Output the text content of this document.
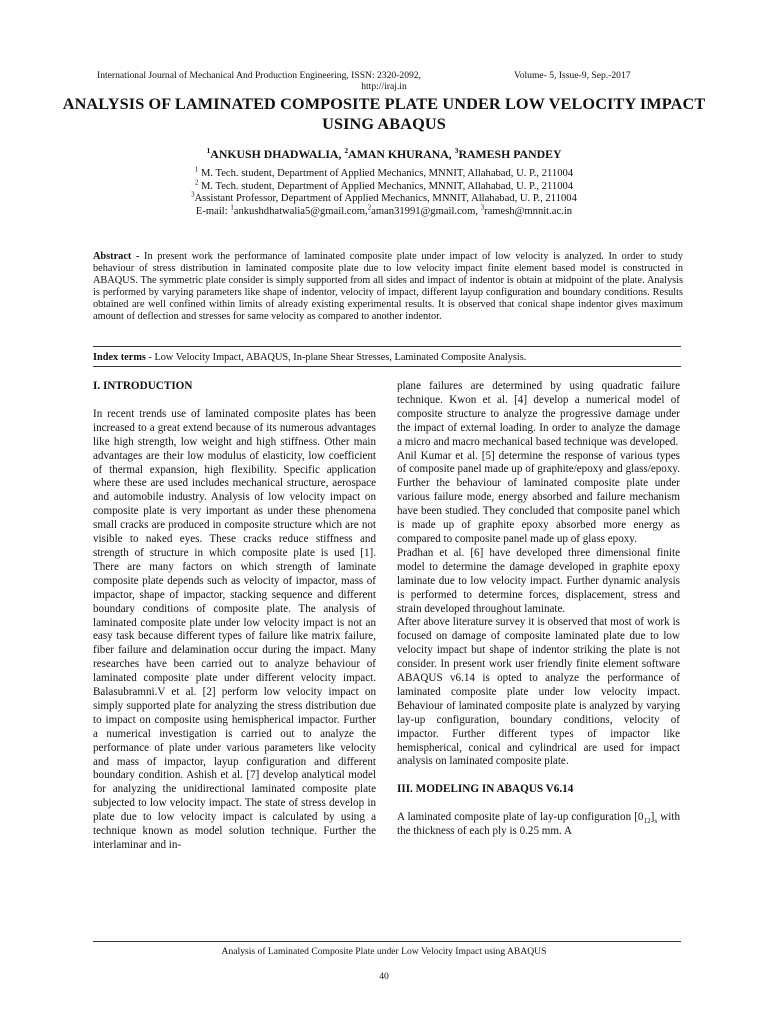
International Journal of Mechanical And Production Engineering, ISSN: 2320-2092,	Volume- 5, Issue-9, Sep.-2017
http://iraj.in
ANALYSIS OF LAMINATED COMPOSITE PLATE UNDER LOW VELOCITY IMPACT USING ABAQUS
$^1$ANKUSH DHADWALIA, $^2$AMAN KHURANA, $^3$RAMESH PANDEY
$^1$ M. Tech. student, Department of Applied Mechanics, MNNIT, Allahabad, U. P., 211004
$^2$ M. Tech. student, Department of Applied Mechanics, MNNIT, Allahabad, U. P., 211004
$^3$Assistant Professor, Department of Applied Mechanics, MNNIT, Allahabad, U. P., 211004
E-mail: $^1$ankushdhatwalia5@gmail.com,$^2$aman31991@gmail.com, $^3$ramesh@mnnit.ac.in
Abstract - In present work the performance of laminated composite plate under impact of low velocity is analyzed. In order to study behaviour of stress distribution in laminated composite plate due to low velocity impact finite element based model is constructed in ABAQUS. The symmetric plate consider is simply supported from all sides and impact of indentor is obtain at midpoint of the plate. Analysis is performed by varying parameters like shape of indentor, velocity of impact, different layup configuration and boundary conditions. Results obtained are well confined within limits of already existing experimental results. It is observed that conical shape indentor gives maximum amount of deflection and stresses for same velocity as compared to another indentor.
Index terms - Low Velocity Impact, ABAQUS, In-plane Shear Stresses, Laminated Composite Analysis.

I. INTRODUCTION

In recent trends use of laminated composite plates has been increased to a great extend because of its numerous advantages like high strength, low weight and high stiffness. Other main advantages are their low modulus of elasticity, low coefficient of thermal expansion, high flexibility. Specific application where these are used includes mechanical structure, aerospace and automobile industry. Analysis of low velocity impact on composite plate is very important as under these phenomena small cracks are produced in composite structure which are not visible to naked eyes. These cracks reduce stiffness and strength of structure in which composite plate is used [1]. There are many factors on which strength of laminate composite plate depends such as velocity of impactor, mass of impactor, shape of impactor, stacking sequence and different boundary conditions of composite plate. The analysis of laminated composite plate under low velocity impact is not an easy task because different types of failure like matrix failure, fiber failure and delamination occur during the impact. Many researches have been carried out to analyze behaviour of laminated composite plate under different velocity impact. Balasubramni.V et al. [2] perform low velocity impact on simply supported plate for analyzing the stress distribution due to impact on composite using hemispherical impactor. Further a numerical investigation is carried out to analyze the performance of plate under various parameters like velocity and mass of impactor, layup configuration and different boundary condition. Ashish et al. [7] develop analytical model for analyzing the unidirectional laminated composite plate subjected to low velocity impact. The state of stress develop in plate due to low velocity impact is calculated by using a technique known as model solution technique. Further the interlaminar and in-

plane failures are determined by using quadratic failure technique. Kwon et al. [4] develop a numerical model of composite structure to analyze the progressive damage under the impact of external loading. In order to analyze the damage a micro and macro mechanical based technique was developed.

Anil Kumar et al. [5] determine the response of various types of composite panel made up of graphite/epoxy and glass/epoxy. Further the behaviour of laminated composite plate under various failure mode, energy absorbed and failure mechanism have been studied. They concluded that composite panel which is made up of graphite epoxy absorbed more energy as compared to composite panel made up of glass epoxy.

Pradhan et al. [6] have developed three dimensional finite model to determine the damage developed in graphite epoxy laminate due to low velocity impact. Further dynamic analysis is performed to determine forces, displacement, stress and strain developed throughout laminate.

After above literature survey it is observed that most of work is focused on damage of composite laminated plate due to low velocity impact but shape of indentor striking the plate is not consider. In present work user friendly finite element software ABAQUS v6.14 is opted to analyze the performance of laminated composite plate under low velocity impact. Behaviour of laminated composite plate is analyzed by varying lay-up configuration, boundary conditions, velocity of impactor. Further different types of impactor like hemispherical, conical and cylindrical are used for impact analysis on laminated composite plate.

III. MODELING IN ABAQUS V6.14

A laminated composite plate of lay-up configuration $[0_{12}]_s$ with the thickness of each ply is 0.25 mm. A

Analysis of Laminated Composite Plate under Low Velocity Impact using ABAQUS
40
